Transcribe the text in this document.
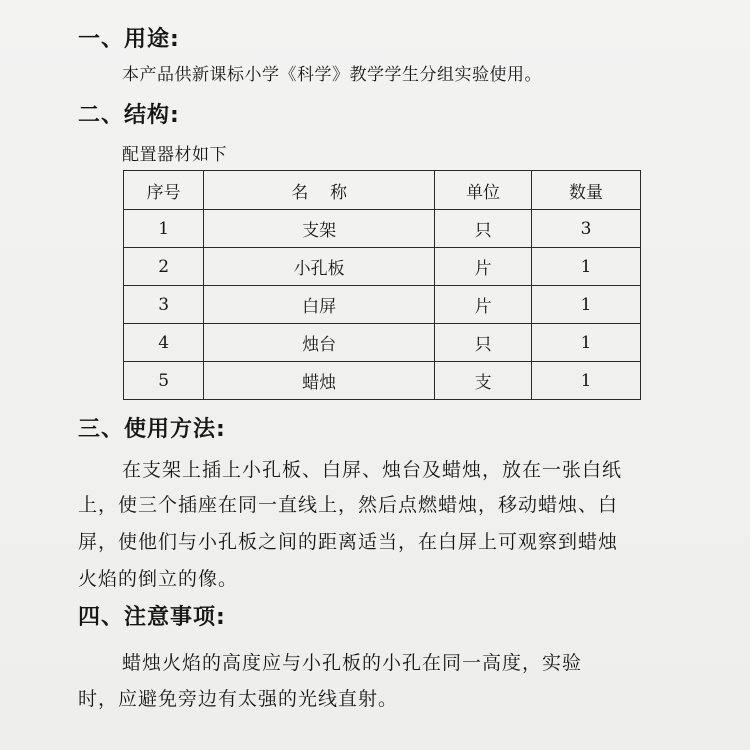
一、用途:
本产品供新课标小学《科学》教学学生分组实验使用。
二、结构:
配置器材如下
序号	名    称	单位	数量
1	支架	只	3
2	小孔板	片	1
3	白屏	片	1
4	烛台	只	1
5	蜡烛	支	1
三、使用方法:
在支架上插上小孔板、白屏、烛台及蜡烛，放在一张白纸
上，使三个插座在同一直线上，然后点燃蜡烛，移动蜡烛、白
屏，使他们与小孔板之间的距离适当，在白屏上可观察到蜡烛
火焰的倒立的像。
四、注意事项:
蜡烛火焰的高度应与小孔板的小孔在同一高度，实验
时，应避免旁边有太强的光线直射。
